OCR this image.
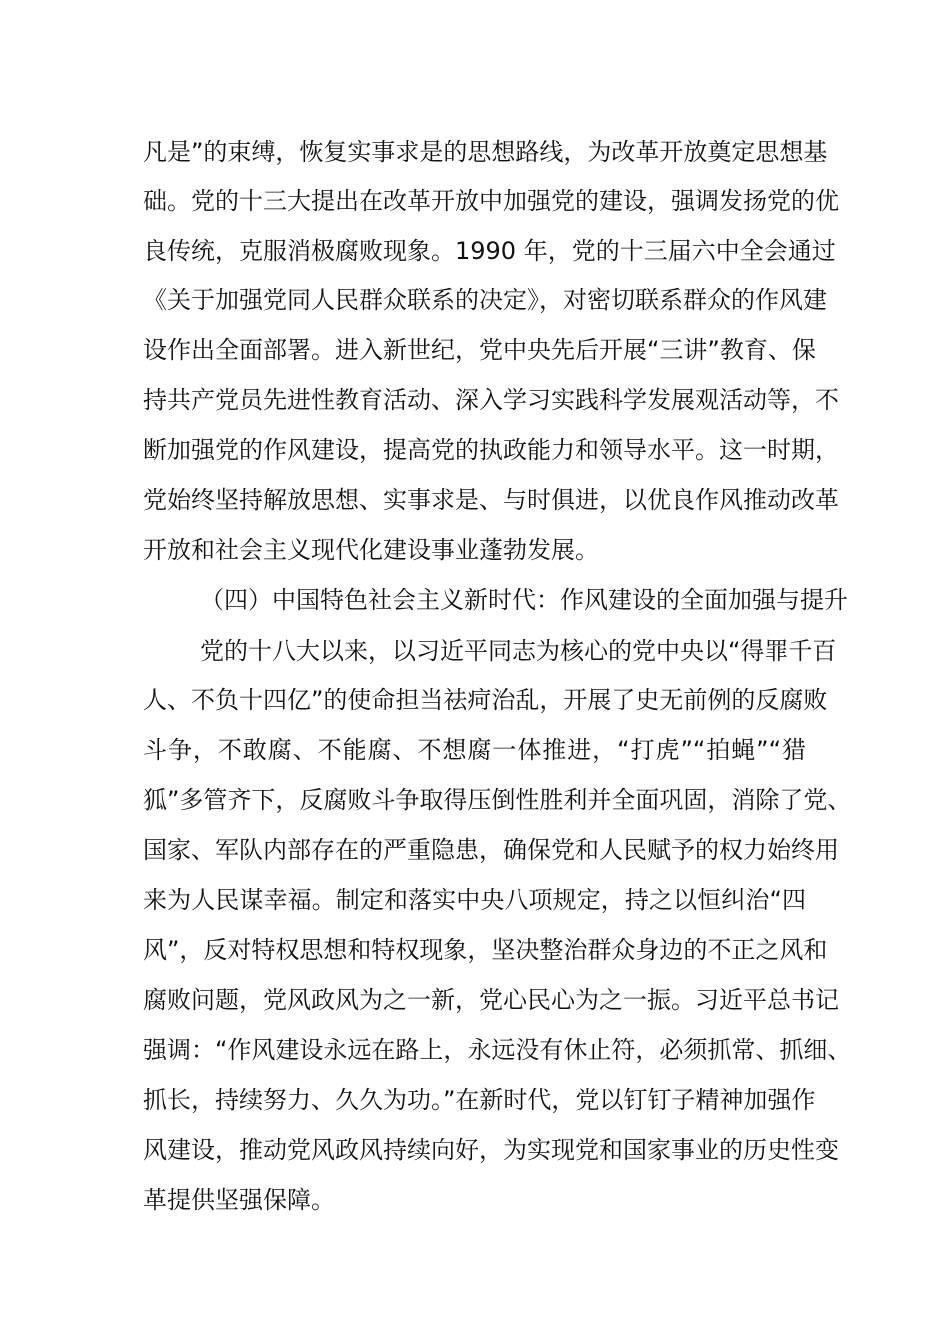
凡是”的束缚，恢复实事求是的思想路线，为改革开放奠定思想基
础。党的十三大提出在改革开放中加强党的建设，强调发扬党的优
良传统，克服消极腐败现象。1990 年，党的十三届六中全会通过
《关于加强党同人民群众联系的决定》，对密切联系群众的作风建
设作出全面部署。进入新世纪，党中央先后开展“三讲”教育、保
持共产党员先进性教育活动、深入学习实践科学发展观活动等，不
断加强党的作风建设，提高党的执政能力和领导水平。这一时期，
党始终坚持解放思想、实事求是、与时俱进，以优良作风推动改革
开放和社会主义现代化建设事业蓬勃发展。
（四）中国特色社会主义新时代：作风建设的全面加强与提升
党的十八大以来，以习近平同志为核心的党中央以“得罪千百
人、不负十四亿”的使命担当祛疴治乱，开展了史无前例的反腐败
斗争，不敢腐、不能腐、不想腐一体推进，“打虎”“拍蝇”“猎
狐”多管齐下，反腐败斗争取得压倒性胜利并全面巩固，消除了党、
国家、军队内部存在的严重隐患，确保党和人民赋予的权力始终用
来为人民谋幸福。制定和落实中央八项规定，持之以恒纠治“四
风”，反对特权思想和特权现象，坚决整治群众身边的不正之风和
腐败问题，党风政风为之一新，党心民心为之一振。习近平总书记
强调：“作风建设永远在路上，永远没有休止符，必须抓常、抓细、
抓长，持续努力、久久为功。”在新时代，党以钉钉子精神加强作
风建设，推动党风政风持续向好，为实现党和国家事业的历史性变
革提供坚强保障。
